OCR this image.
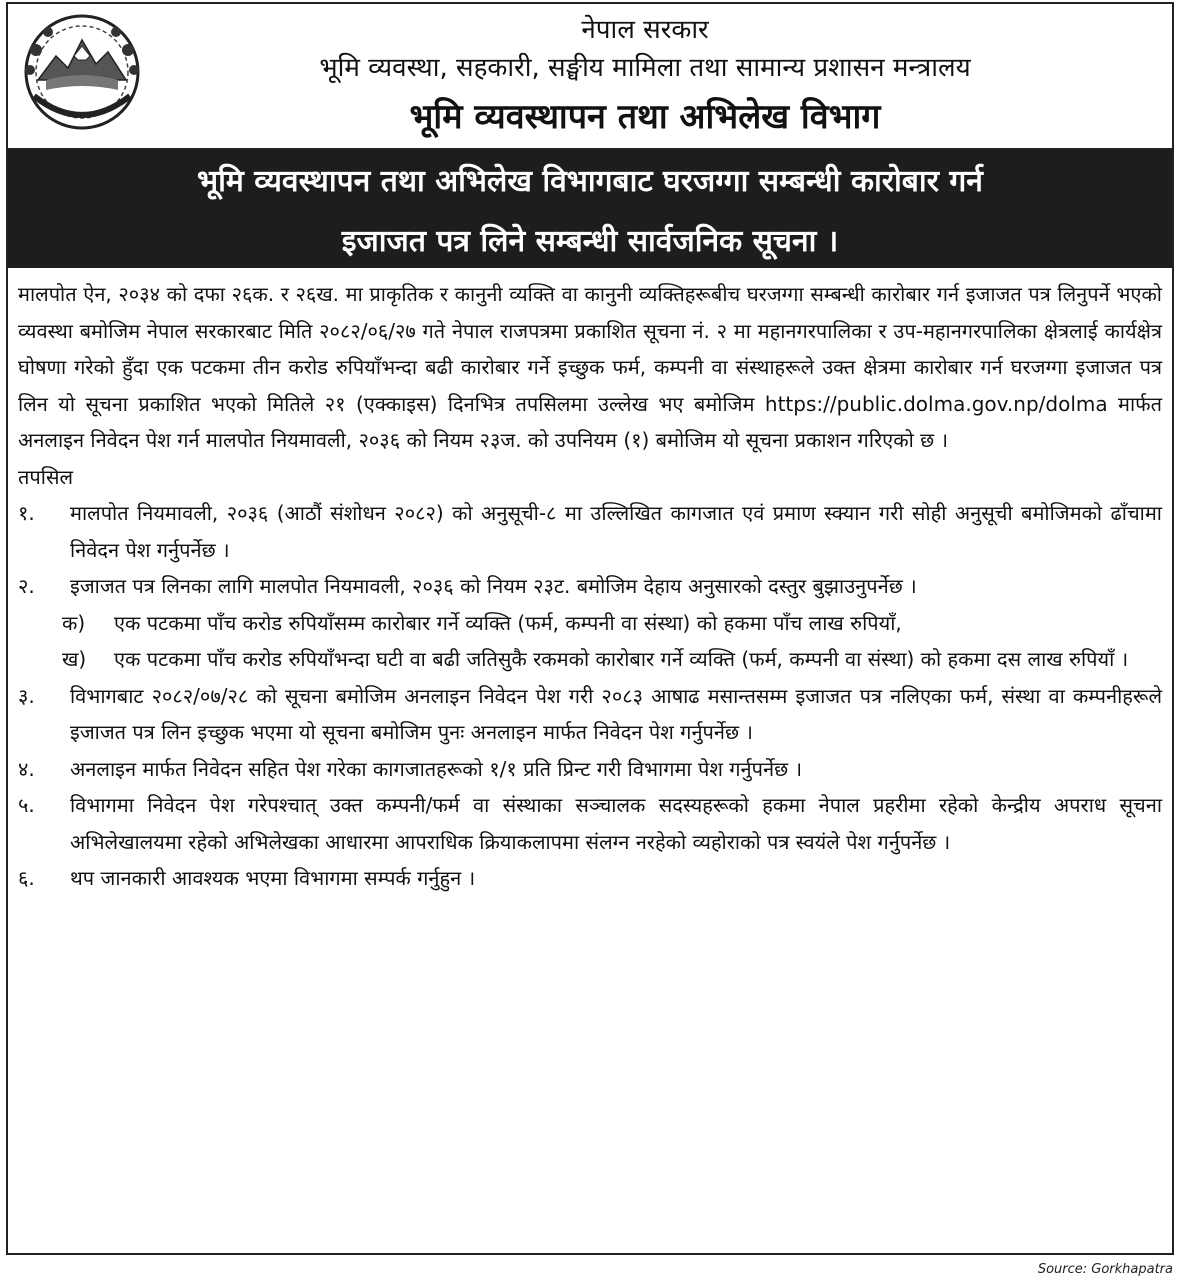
नेपाल सरकार
भूमि व्यवस्था, सहकारी, सङ्घीय मामिला तथा सामान्य प्रशासन मन्त्रालय
भूमि व्यवस्थापन तथा अभिलेख विभाग
भूमि व्यवस्थापन तथा अभिलेख विभागबाट घरजग्गा सम्बन्धी कारोबार गर्न
इजाजत पत्र लिने सम्बन्धी सार्वजनिक सूचना ।

मालपोत ऐन, २०३४ को दफा २६क. र २६ख. मा प्राकृतिक र कानुनी व्यक्ति वा कानुनी व्यक्तिहरूबीच घरजग्गा सम्बन्धी कारोबार गर्न इजाजत पत्र लिनुपर्ने भएको व्यवस्था बमोजिम नेपाल सरकारबाट मिति २०८२/०६/२७ गते नेपाल राजपत्रमा प्रकाशित सूचना नं. २ मा महानगरपालिका र उप-महानगरपालिका क्षेत्रलाई कार्यक्षेत्र घोषणा गरेको हुँदा एक पटकमा तीन करोड रुपियाँभन्दा बढी कारोबार गर्ने इच्छुक फर्म, कम्पनी वा संस्थाहरूले उक्त क्षेत्रमा कारोबार गर्न घरजग्गा इजाजत पत्र लिन यो सूचना प्रकाशित भएको मितिले २१ (एक्काइस) दिनभित्र तपसिलमा उल्लेख भए बमोजिम https://public.dolma.gov.np/dolma मार्फत अनलाइन निवेदन पेश गर्न मालपोत नियमावली, २०३६ को नियम २३ज. को उपनियम (१) बमोजिम यो सूचना प्रकाशन गरिएको छ ।

तपसिल
१.	मालपोत नियमावली, २०३६ (आठौं संशोधन २०८२) को अनुसूची-८ मा उल्लिखित कागजात एवं प्रमाण स्क्यान गरी सोही अनुसूची बमोजिमको ढाँचामा निवेदन पेश गर्नुपर्नेछ ।
२.	इजाजत पत्र लिनका लागि मालपोत नियमावली, २०३६ को नियम २३ट. बमोजिम देहाय अनुसारको दस्तुर बुझाउनुपर्नेछ ।
क)	एक पटकमा पाँच करोड रुपियाँसम्म कारोबार गर्ने व्यक्ति (फर्म, कम्पनी वा संस्था) को हकमा पाँच लाख रुपियाँ,
ख)	एक पटकमा पाँच करोड रुपियाँभन्दा घटी वा बढी जतिसुकै रकमको कारोबार गर्ने व्यक्ति (फर्म, कम्पनी वा संस्था) को हकमा दस लाख रुपियाँ ।
३.	विभागबाट २०८२/०७/२८ को सूचना बमोजिम अनलाइन निवेदन पेश गरी २०८३ आषाढ मसान्तसम्म इजाजत पत्र नलिएका फर्म, संस्था वा कम्पनीहरूले इजाजत पत्र लिन इच्छुक भएमा यो सूचना बमोजिम पुनः अनलाइन मार्फत निवेदन पेश गर्नुपर्नेछ ।
४.	अनलाइन मार्फत निवेदन सहित पेश गरेका कागजातहरूको १/१ प्रति प्रिन्ट गरी विभागमा पेश गर्नुपर्नेछ ।
५.	विभागमा निवेदन पेश गरेपश्चात् उक्त कम्पनी/फर्म वा संस्थाका सञ्चालक सदस्यहरूको हकमा नेपाल प्रहरीमा रहेको केन्द्रीय अपराध सूचना अभिलेखालयमा रहेको अभिलेखका आधारमा आपराधिक क्रियाकलापमा संलग्न नरहेको व्यहोराको पत्र स्वयंले पेश गर्नुपर्नेछ ।
६.	थप जानकारी आवश्यक भएमा विभागमा सम्पर्क गर्नुहुन ।
Source: Gorkhapatra
